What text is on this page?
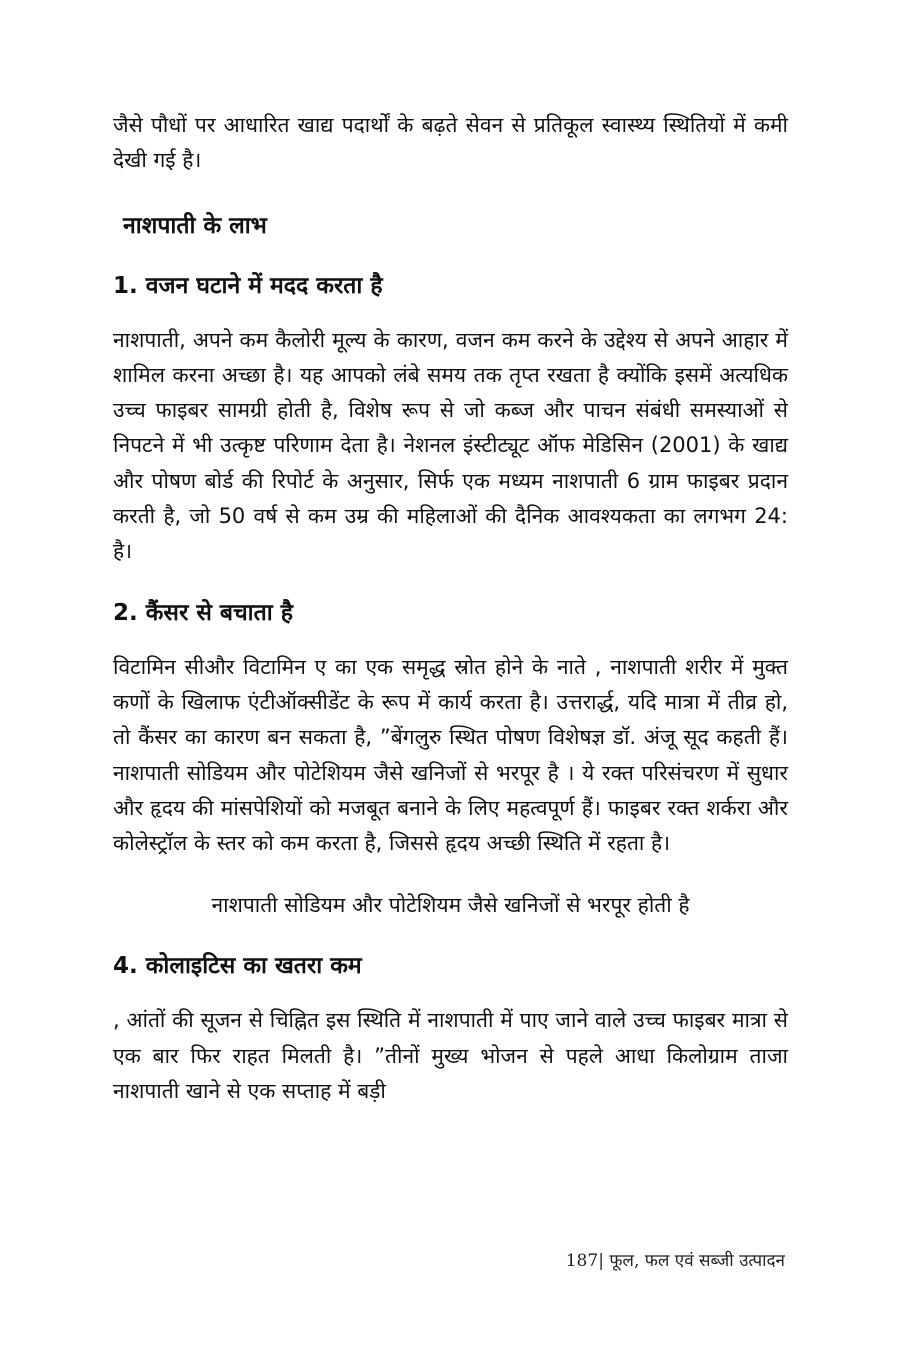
जैसे पौधों पर आधारित खाद्य पदार्थों के बढ़ते सेवन से प्रतिकूल स्वास्थ्य स्थितियों में कमी देखी गई है।

नाशपाती के लाभ
1. वजन घटाने में मदद करता है

नाशपाती, अपने कम कैलोरी मूल्य के कारण, वजन कम करने के उद्देश्य से अपने आहार में शामिल करना अच्छा है। यह आपको लंबे समय तक तृप्त रखता है क्योंकि इसमें अत्यधिक उच्च फाइबर सामग्री होती है, विशेष रूप से जो कब्ज और पाचन संबंधी समस्याओं से निपटने में भी उत्कृष्ट परिणाम देता है। नेशनल इंस्टीट्यूट ऑफ मेडिसिन (2001) के खाद्य और पोषण बोर्ड की रिपोर्ट के अनुसार, सिर्फ एक मध्यम नाशपाती 6 ग्राम फाइबर प्रदान करती है, जो 50 वर्ष से कम उम्र की महिलाओं की दैनिक आवश्यकता का लगभग 24: है।

2. कैंसर से बचाता है

विटामिन सीऔर विटामिन ए का एक समृद्ध स्रोत होने के नाते , नाशपाती शरीर में मुक्त कणों के खिलाफ एंटीऑक्सीडेंट के रूप में कार्य करता है। उत्तरार्द्ध, यदि मात्रा में तीव्र हो, तो कैंसर का कारण बन सकता है, ”बेंगलुरु स्थित पोषण विशेषज्ञ डॉ. अंजू सूद कहती हैं। नाशपाती सोडियम और पोटेशियम जैसे खनिजों से भरपूर है । ये रक्त परिसंचरण में सुधार और हृदय की मांसपेशियों को मजबूत बनाने के लिए महत्वपूर्ण हैं। फाइबर रक्त शर्करा और कोलेस्ट्रॉल के स्तर को कम करता है, जिससे हृदय अच्छी स्थिति में रहता है।

नाशपाती सोडियम और पोटेशियम जैसे खनिजों से भरपूर होती है

4. कोलाइटिस का खतरा कम

, आंतों की सूजन से चिह्नित इस स्थिति में नाशपाती में पाए जाने वाले उच्च फाइबर मात्रा से एक बार फिर राहत मिलती है। ”तीनों मुख्य भोजन से पहले आधा किलोग्राम ताजा नाशपाती खाने से एक सप्ताह में बड़ी

187| फूल, फल एवं सब्जी उत्पादन
